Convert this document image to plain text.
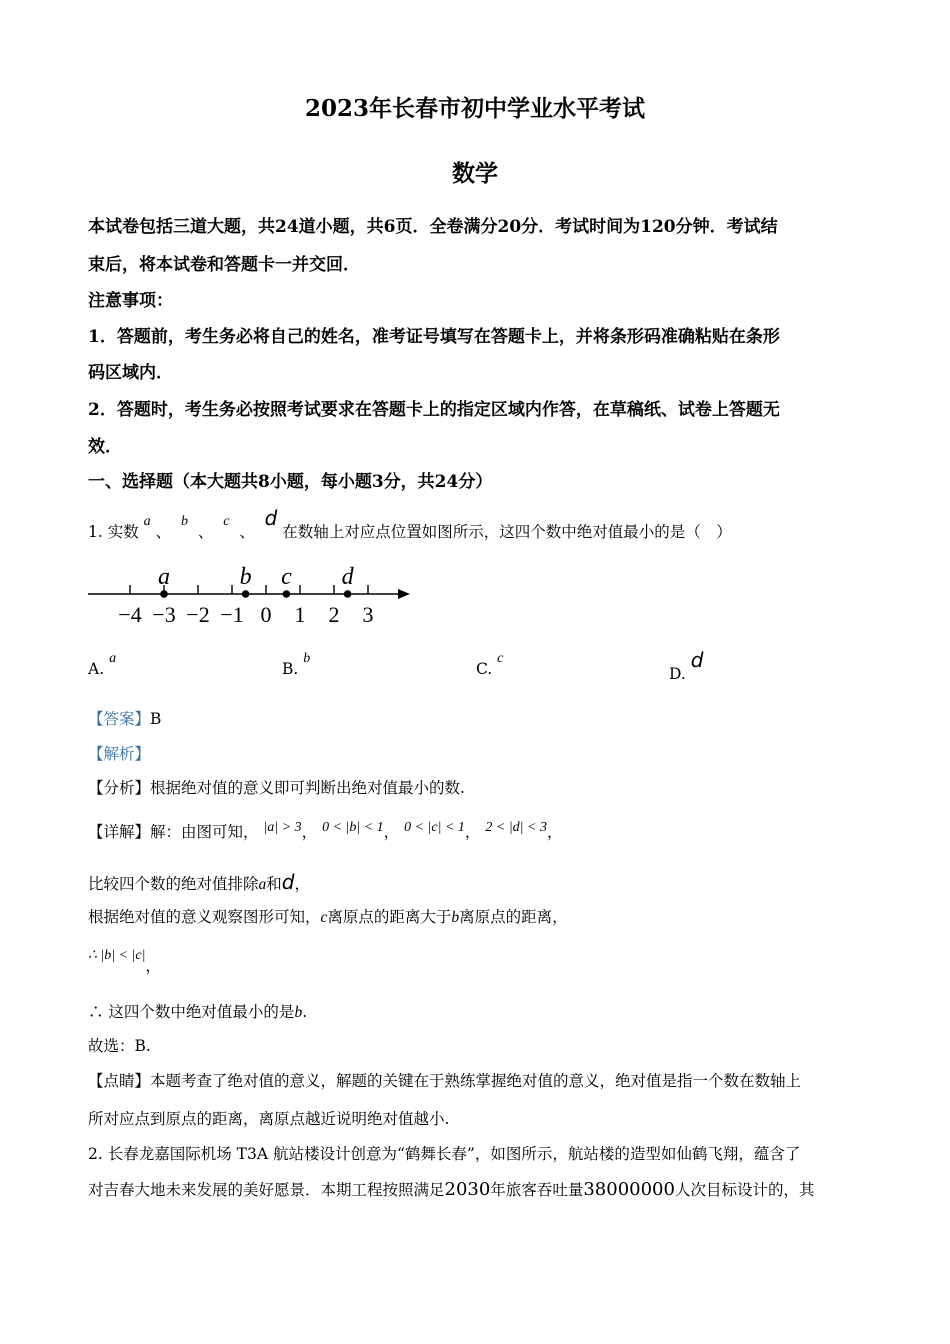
2023年长春市初中学业水平考试
数学
本试卷包括三道大题，共24道小题，共6页．全卷满分20分．考试时间为120分钟．考试结
束后，将本试卷和答题卡一并交回．
注意事项：
1．答题前，考生务必将自己的姓名，准考证号填写在答题卡上，并将条形码准确粘贴在条形
码区域内．
2．答题时，考生务必按照考试要求在答题卡上的指定区域内作答，在草稿纸、试卷上答题无
效．
一、选择题（本大题共8小题，每小题3分，共24分）
1. 实数 a 、  b  、  c  、  d 在数轴上对应点位置如图所示，这四个数中绝对值最小的是（　）
−4 −3 −2 −1 0 1 2 3
a	b c d
A. a
B. b
C. c
D. d
【答案】B
【解析】
【分析】根据绝对值的意义即可判断出绝对值最小的数.
【详解】解：由图可知， |a| > 3， 0 < |b| < 1， 0 < |c| < 1， 2 < |d| < 3，
比较四个数的绝对值排除a和d，
根据绝对值的意义观察图形可知，c离原点的距离大于b离原点的距离，
∴ |b| < |c|，
∴ 这四个数中绝对值最小的是b.
故选：B.
【点睛】本题考查了绝对值的意义，解题的关键在于熟练掌握绝对值的意义，绝对值是指一个数在数轴上
所对应点到原点的距离，离原点越近说明绝对值越小.
2. 长春龙嘉国际机场 T3A 航站楼设计创意为“鹤舞长春”，如图所示，航站楼的造型如仙鹤飞翔，蕴含了
对吉春大地未来发展的美好愿景．本期工程按照满足2030年旅客吞吐量38000000人次目标设计的，其
